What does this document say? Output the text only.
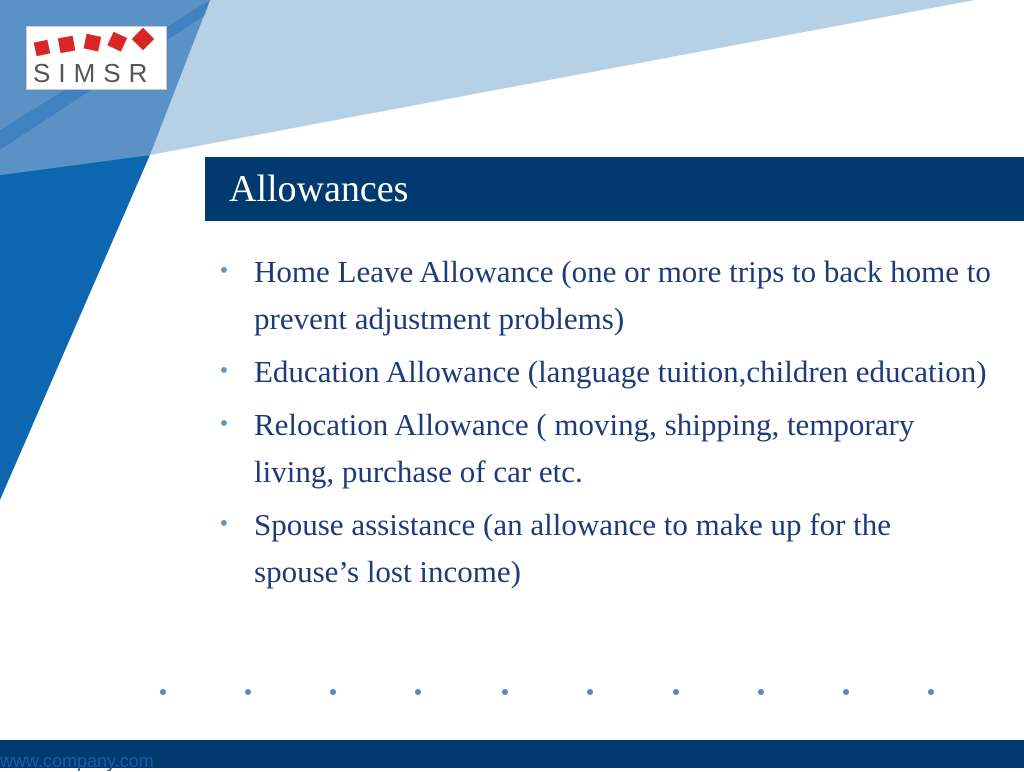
SIMSR
Allowances
• Home Leave Allowance (one or more trips to back home to prevent adjustment problems)
• Education Allowance (language tuition,children education)
• Relocation Allowance ( moving, shipping, temporary living, purchase of car etc.
• Spouse assistance (an allowance to make up for the spouse’s lost income)
www.company.com
